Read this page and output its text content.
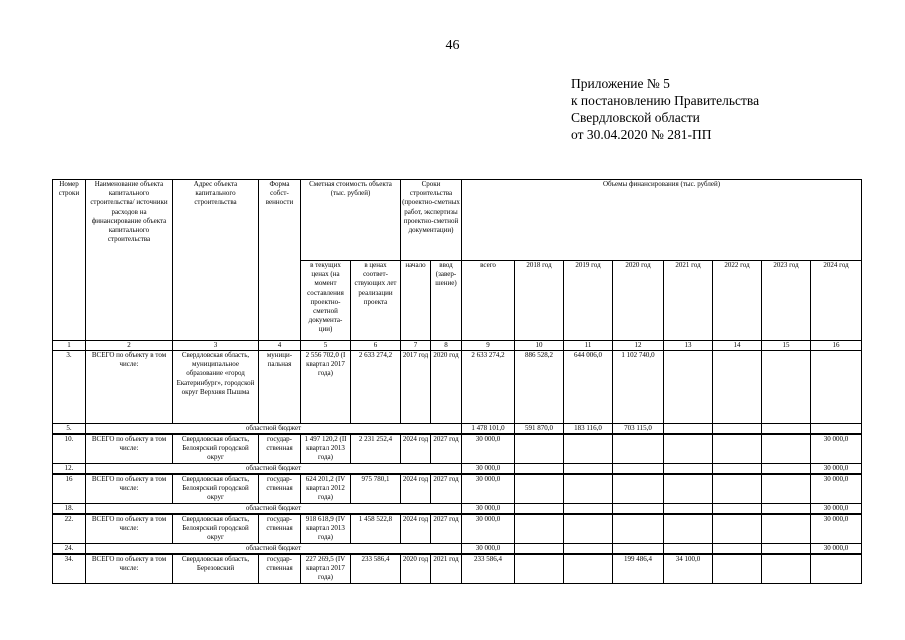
46
Приложение № 5
к постановлению Правительства
Свердловской области
от 30.04.2020 № 281-ПП
Номер строки	Наименование объекта капитального строительства/ источники расходов на финансирование объекта капитального строительства	Адрес объекта капитального строительства	Форма собст-венности	Сметная стоимость объекта (тыс. рублей)		Сроки строительства (проектно-сметных работ, экспертизы проектно-сметной документации)		Объемы финансирования (тыс. рублей)							
				в текущих ценах (на момент составления проектно-сметной документа-ции)	в ценах соответ-ствующих лет реализации проекта	начало	ввод (завер-шение)	всего	2018 год	2019 год	2020 год	2021 год	2022 год	2023 год	2024 год
1	2	3	4	5	6	7	8	9	10	11	12	13	14	15	16
3.	ВСЕГО по объекту в том числе:	Свердловская область, муниципальное образование «город Екатеринбург», городской округ Верхняя Пышма	муници-пальная	2 556 702,0 (I квартал 2017 года)	2 633 274,2	2017 год	2020 год	2 633 274,2	886 528,2	644 006,0	1 102 740,0				
5.	областной бюджет							1 478 101,0	591 870,0	183 116,0	703 115,0				
10.	ВСЕГО по объекту в том числе:	Свердловская область, Белоярский городской округ	государ-ственная	1 497 120,2 (II квартал 2013 года)	2 231 252,4	2024 год	2027 год	30 000,0							30 000,0
12.	областной бюджет							30 000,0							30 000,0
16	ВСЕГО по объекту в том числе:	Свердловская область, Белоярский городской округ	государ-ственная	624 201,2 (IV квартал 2012 года)	975 780,1	2024 год	2027 год	30 000,0							30 000,0
18.	областной бюджет							30 000,0							30 000,0
22.	ВСЕГО по объекту в том числе:	Свердловская область, Белоярский городской округ	государ-ственная	918 618,9 (IV квартал 2013 года)	1 458 522,8	2024 год	2027 год	30 000,0							30 000,0
24.	областной бюджет							30 000,0							30 000,0
34.	ВСЕГО по объекту в том числе:	Свердловская область, Березовский	государ-ственная	227 269,5 (IV квартал 2017 года)	233 586,4	2020 год	2021 год	233 586,4			199 486,4	34 100,0			
